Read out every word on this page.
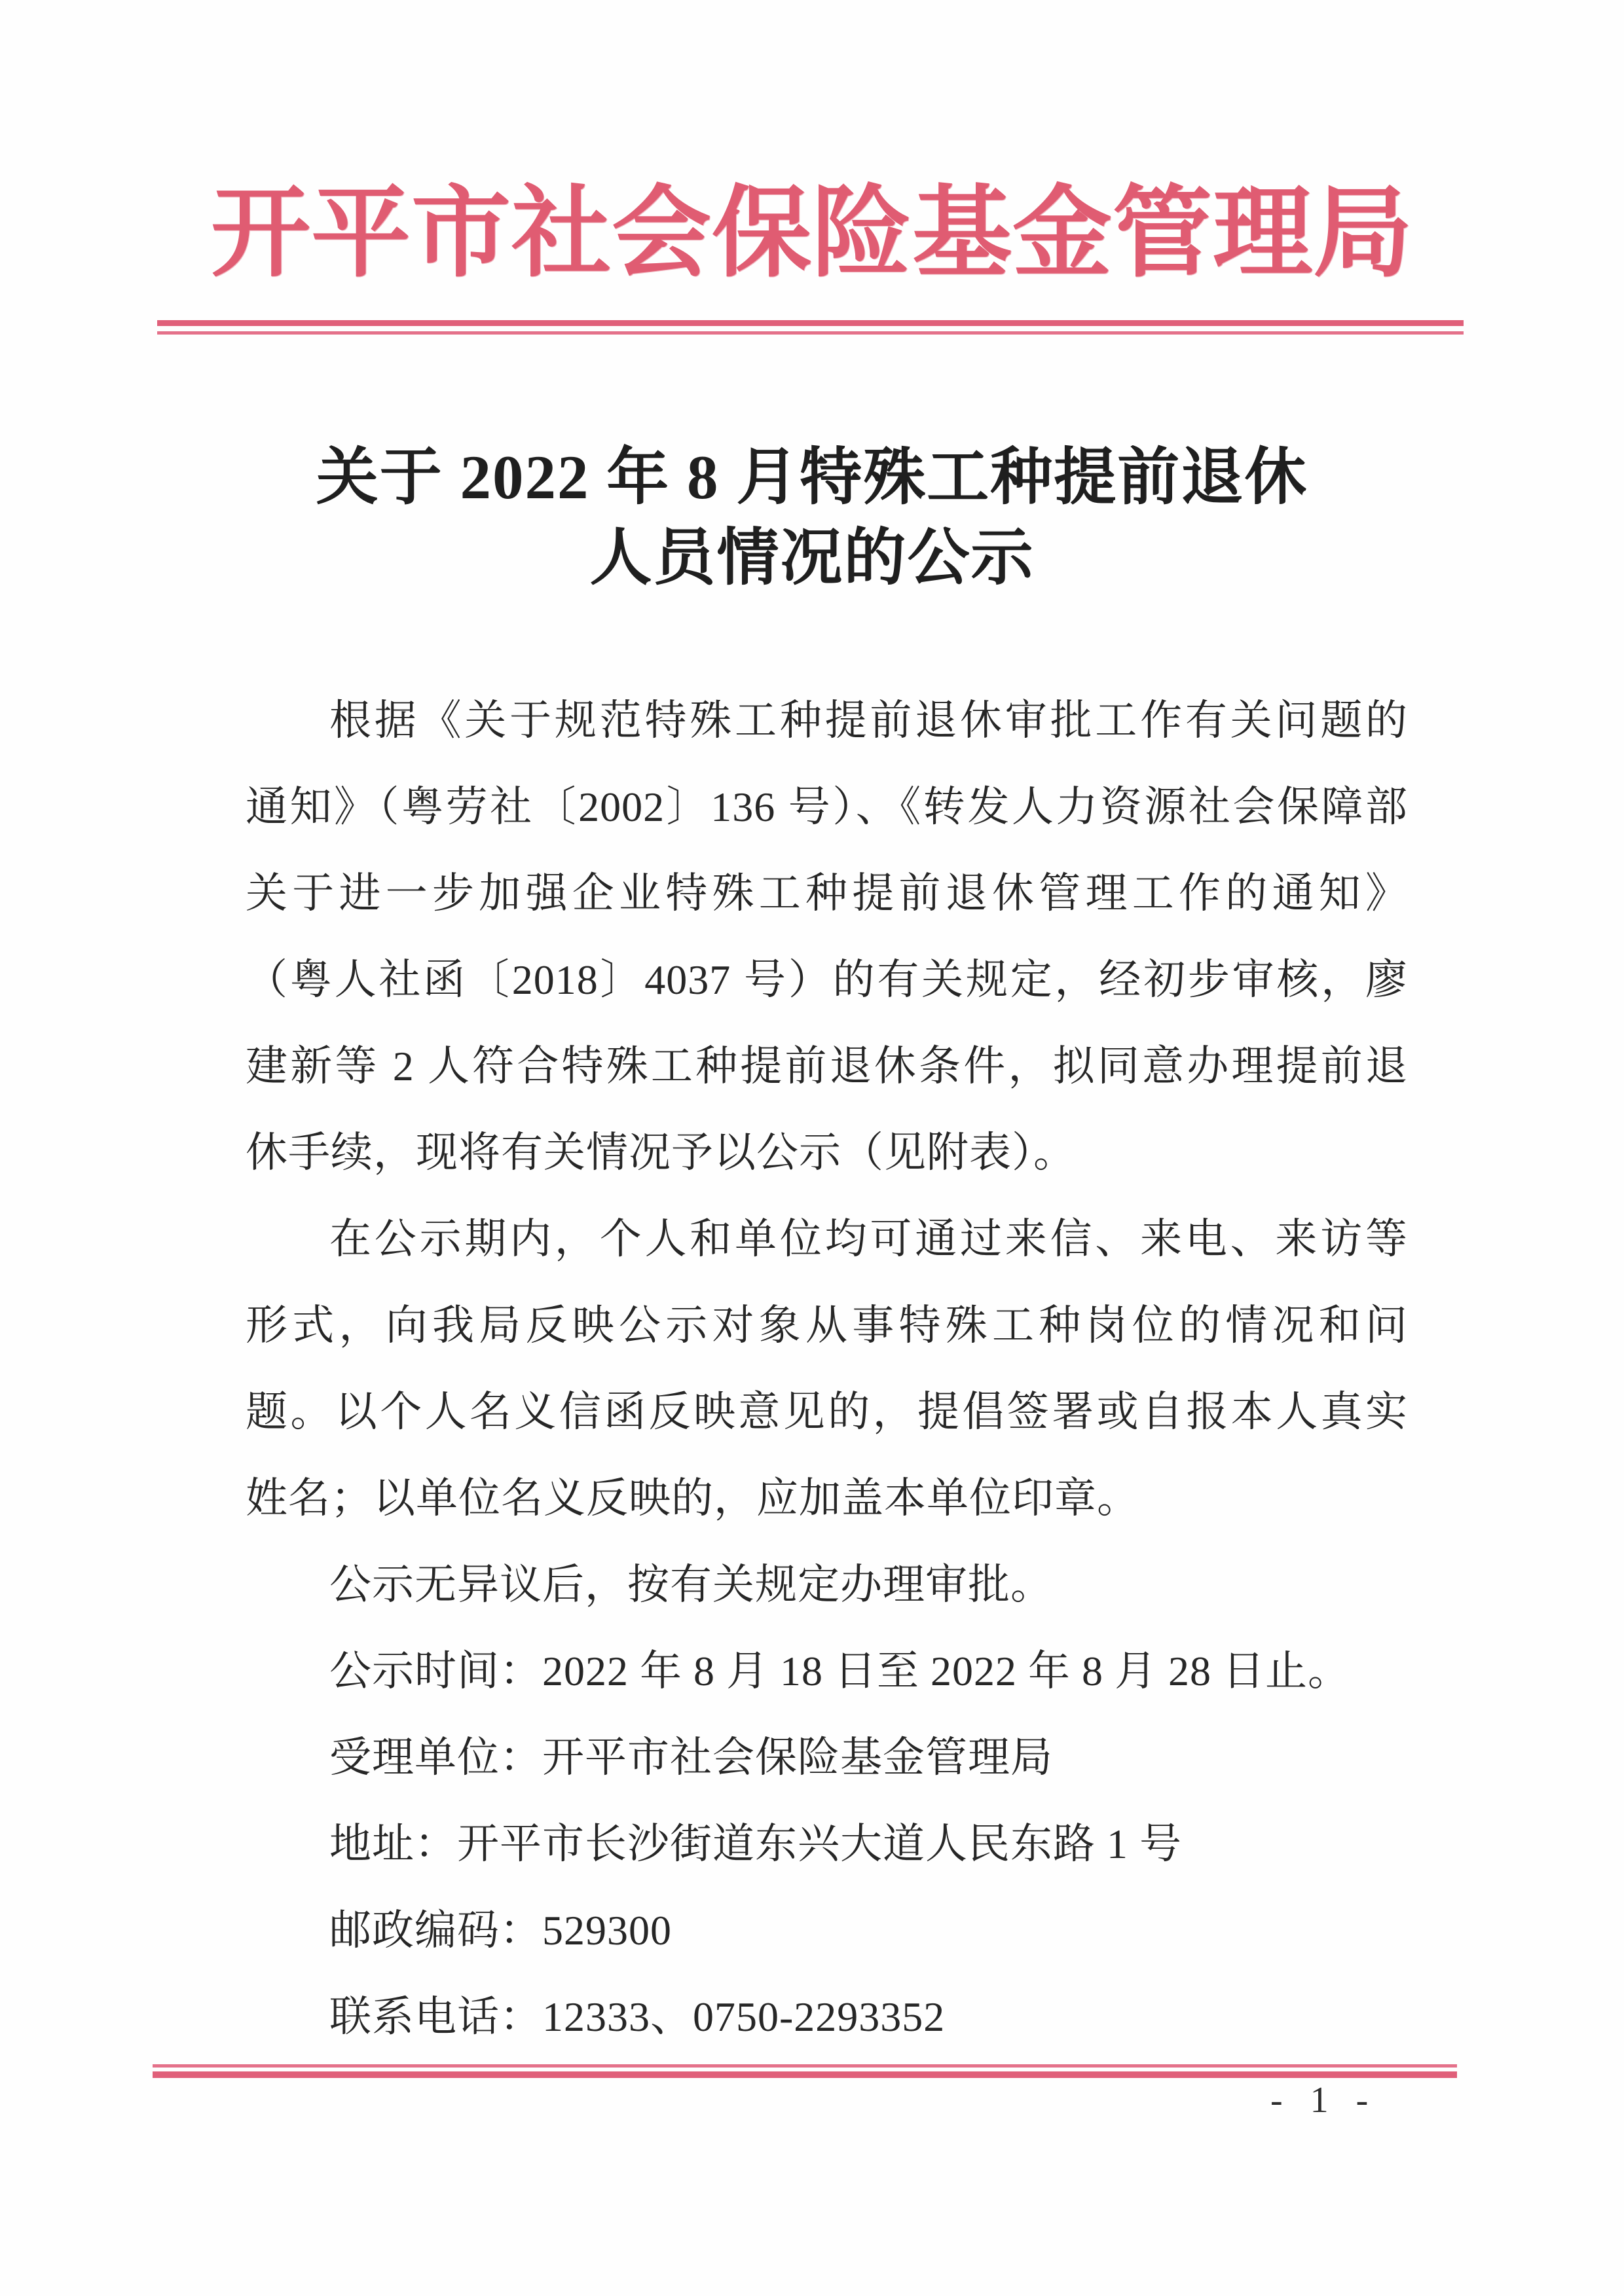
开平市社会保险基金管理局
关于 2022 年 8 月特殊工种提前退休
人员情况的公示
根据《关于规范特殊工种提前退休审批工作有关问题的
通知》（粤劳社〔2002〕136 号）、《转发人力资源社会保障部
关于进一步加强企业特殊工种提前退休管理工作的通知》
（粤人社函〔2018〕4037 号）的有关规定，经初步审核，廖
建新等 2 人符合特殊工种提前退休条件，拟同意办理提前退
休手续，现将有关情况予以公示（见附表）。
在公示期内，个人和单位均可通过来信、来电、来访等
形式，向我局反映公示对象从事特殊工种岗位的情况和问
题。以个人名义信函反映意见的，提倡签署或自报本人真实
姓名；以单位名义反映的，应加盖本单位印章。
公示无异议后，按有关规定办理审批。
公示时间：2022 年 8 月 18 日至 2022 年 8 月 28 日止。
受理单位：开平市社会保险基金管理局
地址：开平市长沙街道东兴大道人民东路 1 号
邮政编码：529300
联系电话：12333、0750-2293352
- 1 -
